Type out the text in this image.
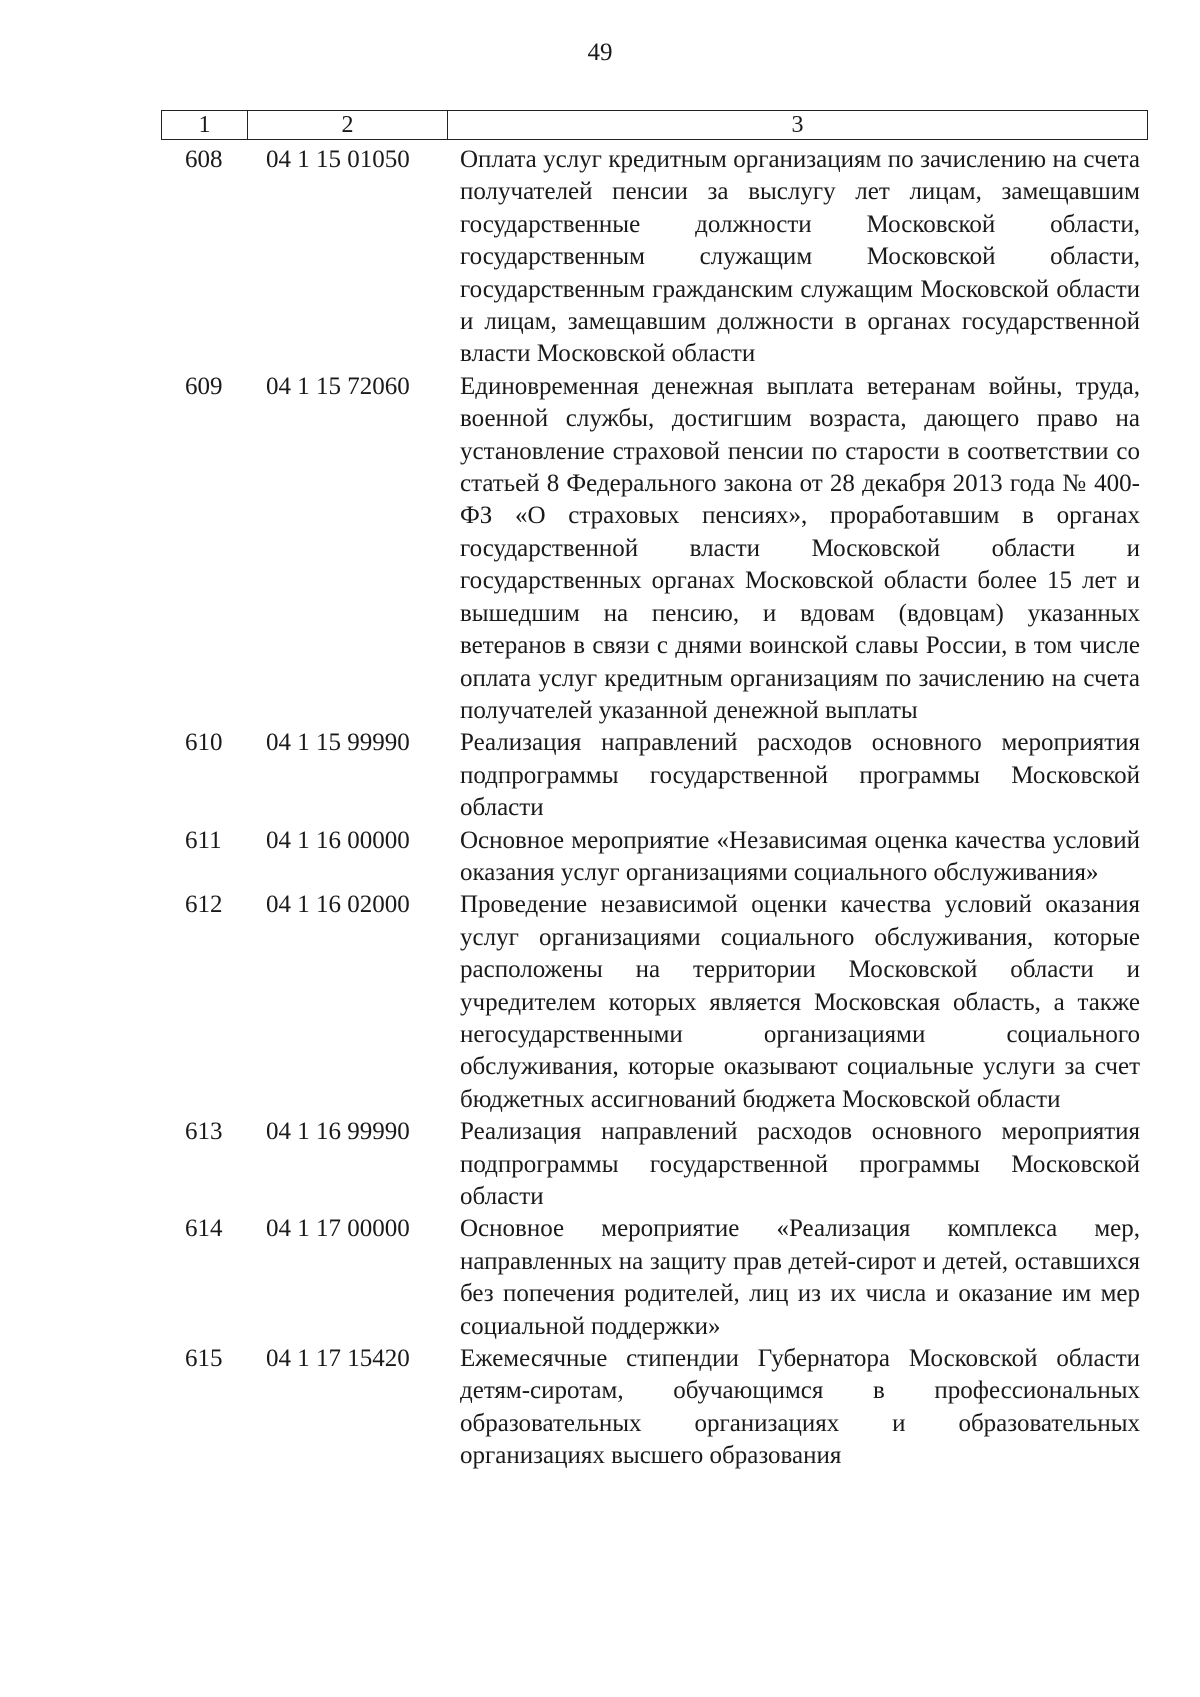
49
1	2	3
608	04 1 15 01050	Оплата услуг кредитным организациям по зачислению на счета получателей пенсии за выслугу лет лицам, замещавшим государственные должности Московской области, государственным служащим Московской области, государственным гражданским служащим Московской области и лицам, замещавшим должности в органах государственной власти Московской области
609	04 1 15 72060	Единовременная денежная выплата ветеранам войны, труда, военной службы, достигшим возраста, дающего право на установление страховой пенсии по старости в соответствии со статьей 8 Федерального закона от 28 декабря 2013 года № 400-ФЗ «О страховых пенсиях», проработавшим в органах государственной власти Московской области и государственных органах Московской области более 15 лет и вышедшим на пенсию, и вдовам (вдовцам) указанных ветеранов в связи с днями воинской славы России, в том числе оплата услуг кредитным организациям по зачислению на счета получателей указанной денежной выплаты
610	04 1 15 99990	Реализация направлений расходов основного мероприятия подпрограммы государственной программы Московской области
611	04 1 16 00000	Основное мероприятие «Независимая оценка качества условий оказания услуг организациями социального обслуживания»
612	04 1 16 02000	Проведение независимой оценки качества условий оказания услуг организациями социального обслуживания, которые расположены на территории Московской области и учредителем которых является Московская область, а также негосударственными организациями социального обслуживания, которые оказывают социальные услуги за счет бюджетных ассигнований бюджета Московской области
613	04 1 16 99990	Реализация направлений расходов основного мероприятия подпрограммы государственной программы Московской области
614	04 1 17 00000	Основное мероприятие «Реализация комплекса мер, направленных на защиту прав детей-сирот и детей, оставшихся без попечения родителей, лиц из их числа и оказание им мер социальной поддержки»
615	04 1 17 15420	Ежемесячные стипендии Губернатора Московской области детям-сиротам, обучающимся в профессиональных образовательных организациях и образовательных организациях высшего образования
